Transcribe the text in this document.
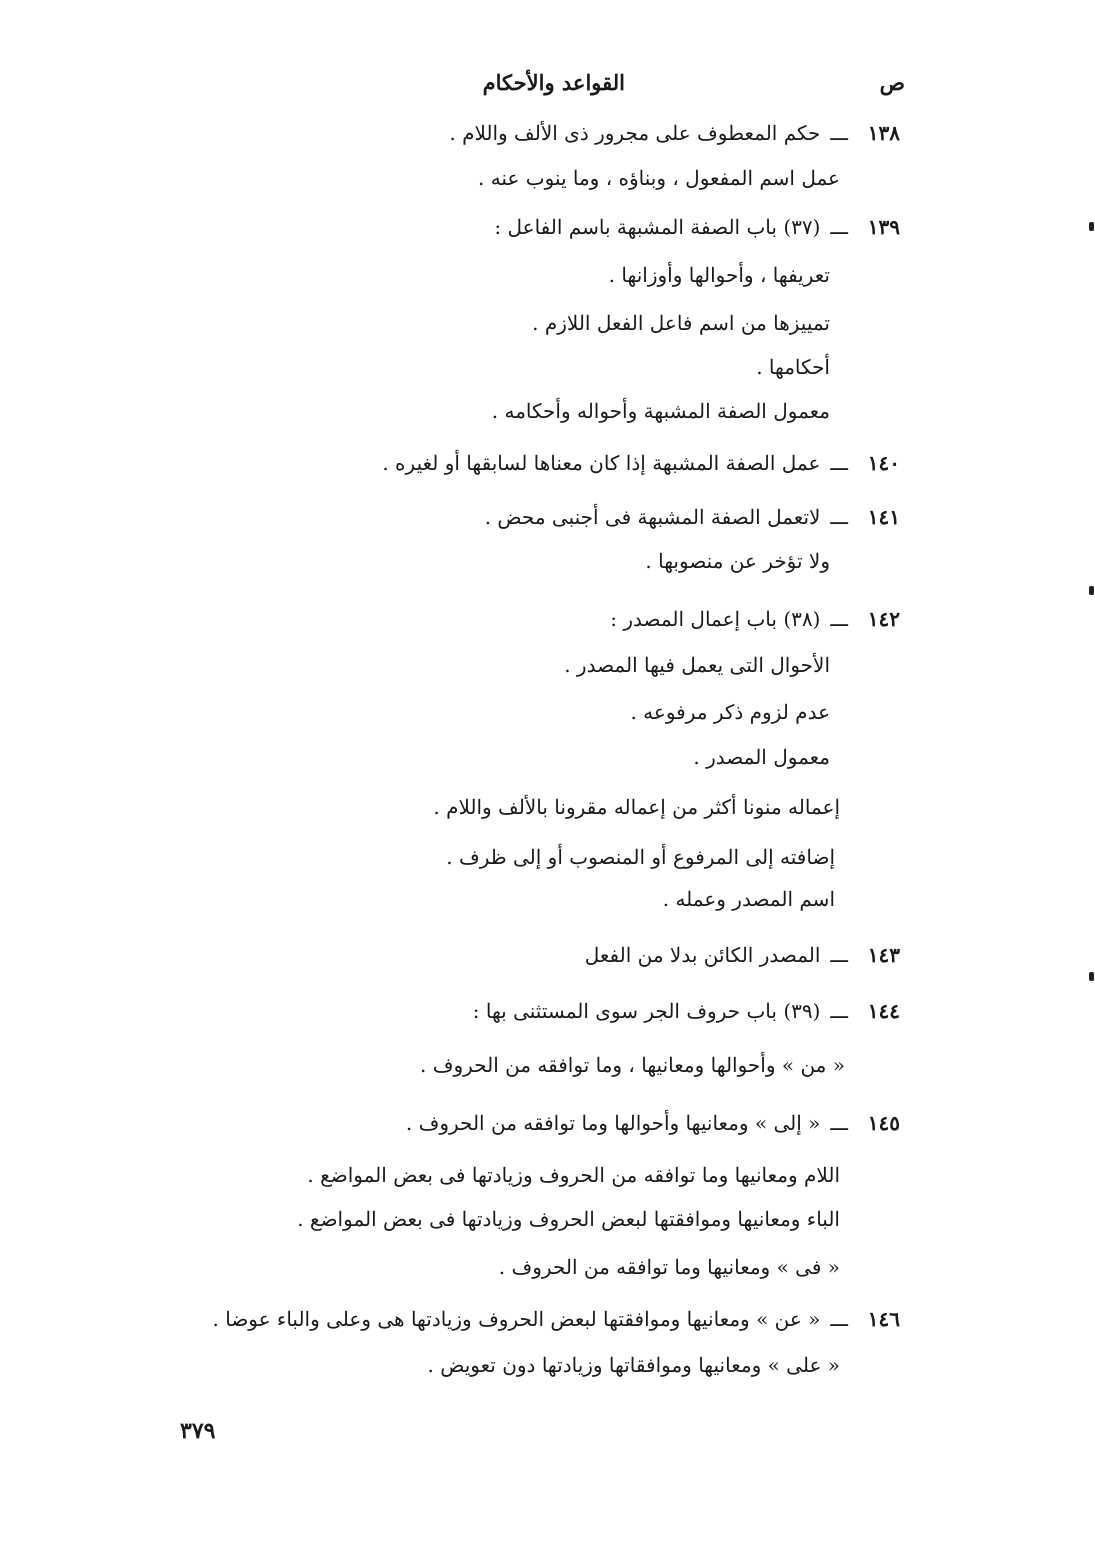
القواعد والأحكام	ص
١٣٨ـــحكم المعطوف على مجرور ذى الألف واللام .
عمل اسم المفعول ، وبناؤه ، وما ينوب عنه .
١٣٩ـــ(٣٧) باب الصفة المشبهة باسم الفاعل :
تعريفها ، وأحوالها وأوزانها .
تمييزها من اسم فاعل الفعل اللازم .
أحكامها .
معمول الصفة المشبهة وأحواله وأحكامه .
١٤٠ـــعمل الصفة المشبهة إذا كان معناها لسابقها أو لغيره .
١٤١ـــلاتعمل الصفة المشبهة فى أجنبى محض .
ولا تؤخر عن منصوبها .
١٤٢ـــ(٣٨) باب إعمال المصدر :
الأحوال التى يعمل فيها المصدر .
عدم لزوم ذكر مرفوعه .
معمول المصدر .
إعماله منونا أكثر من إعماله مقرونا بالألف واللام .
إضافته إلى المرفوع أو المنصوب أو إلى ظرف .
اسم المصدر وعمله .
١٤٣ـــالمصدر الكائن بدلا من الفعل
١٤٤ـــ(٣٩) باب حروف الجر سوى المستثنى بها :
« من » وأحوالها ومعانيها ، وما توافقه من الحروف .
١٤٥ـــ« إلى » ومعانيها وأحوالها وما توافقه من الحروف .
اللام ومعانيها وما توافقه من الحروف وزيادتها فى بعض المواضع .
الباء ومعانيها وموافقتها لبعض الحروف وزيادتها فى بعض المواضع .
« فى » ومعانيها وما توافقه من الحروف .
١٤٦ـــ« عن » ومعانيها وموافقتها لبعض الحروف وزيادتها هى وعلى والباء عوضا .
« على » ومعانيها وموافقاتها وزيادتها دون تعويض .
٣٧٩
